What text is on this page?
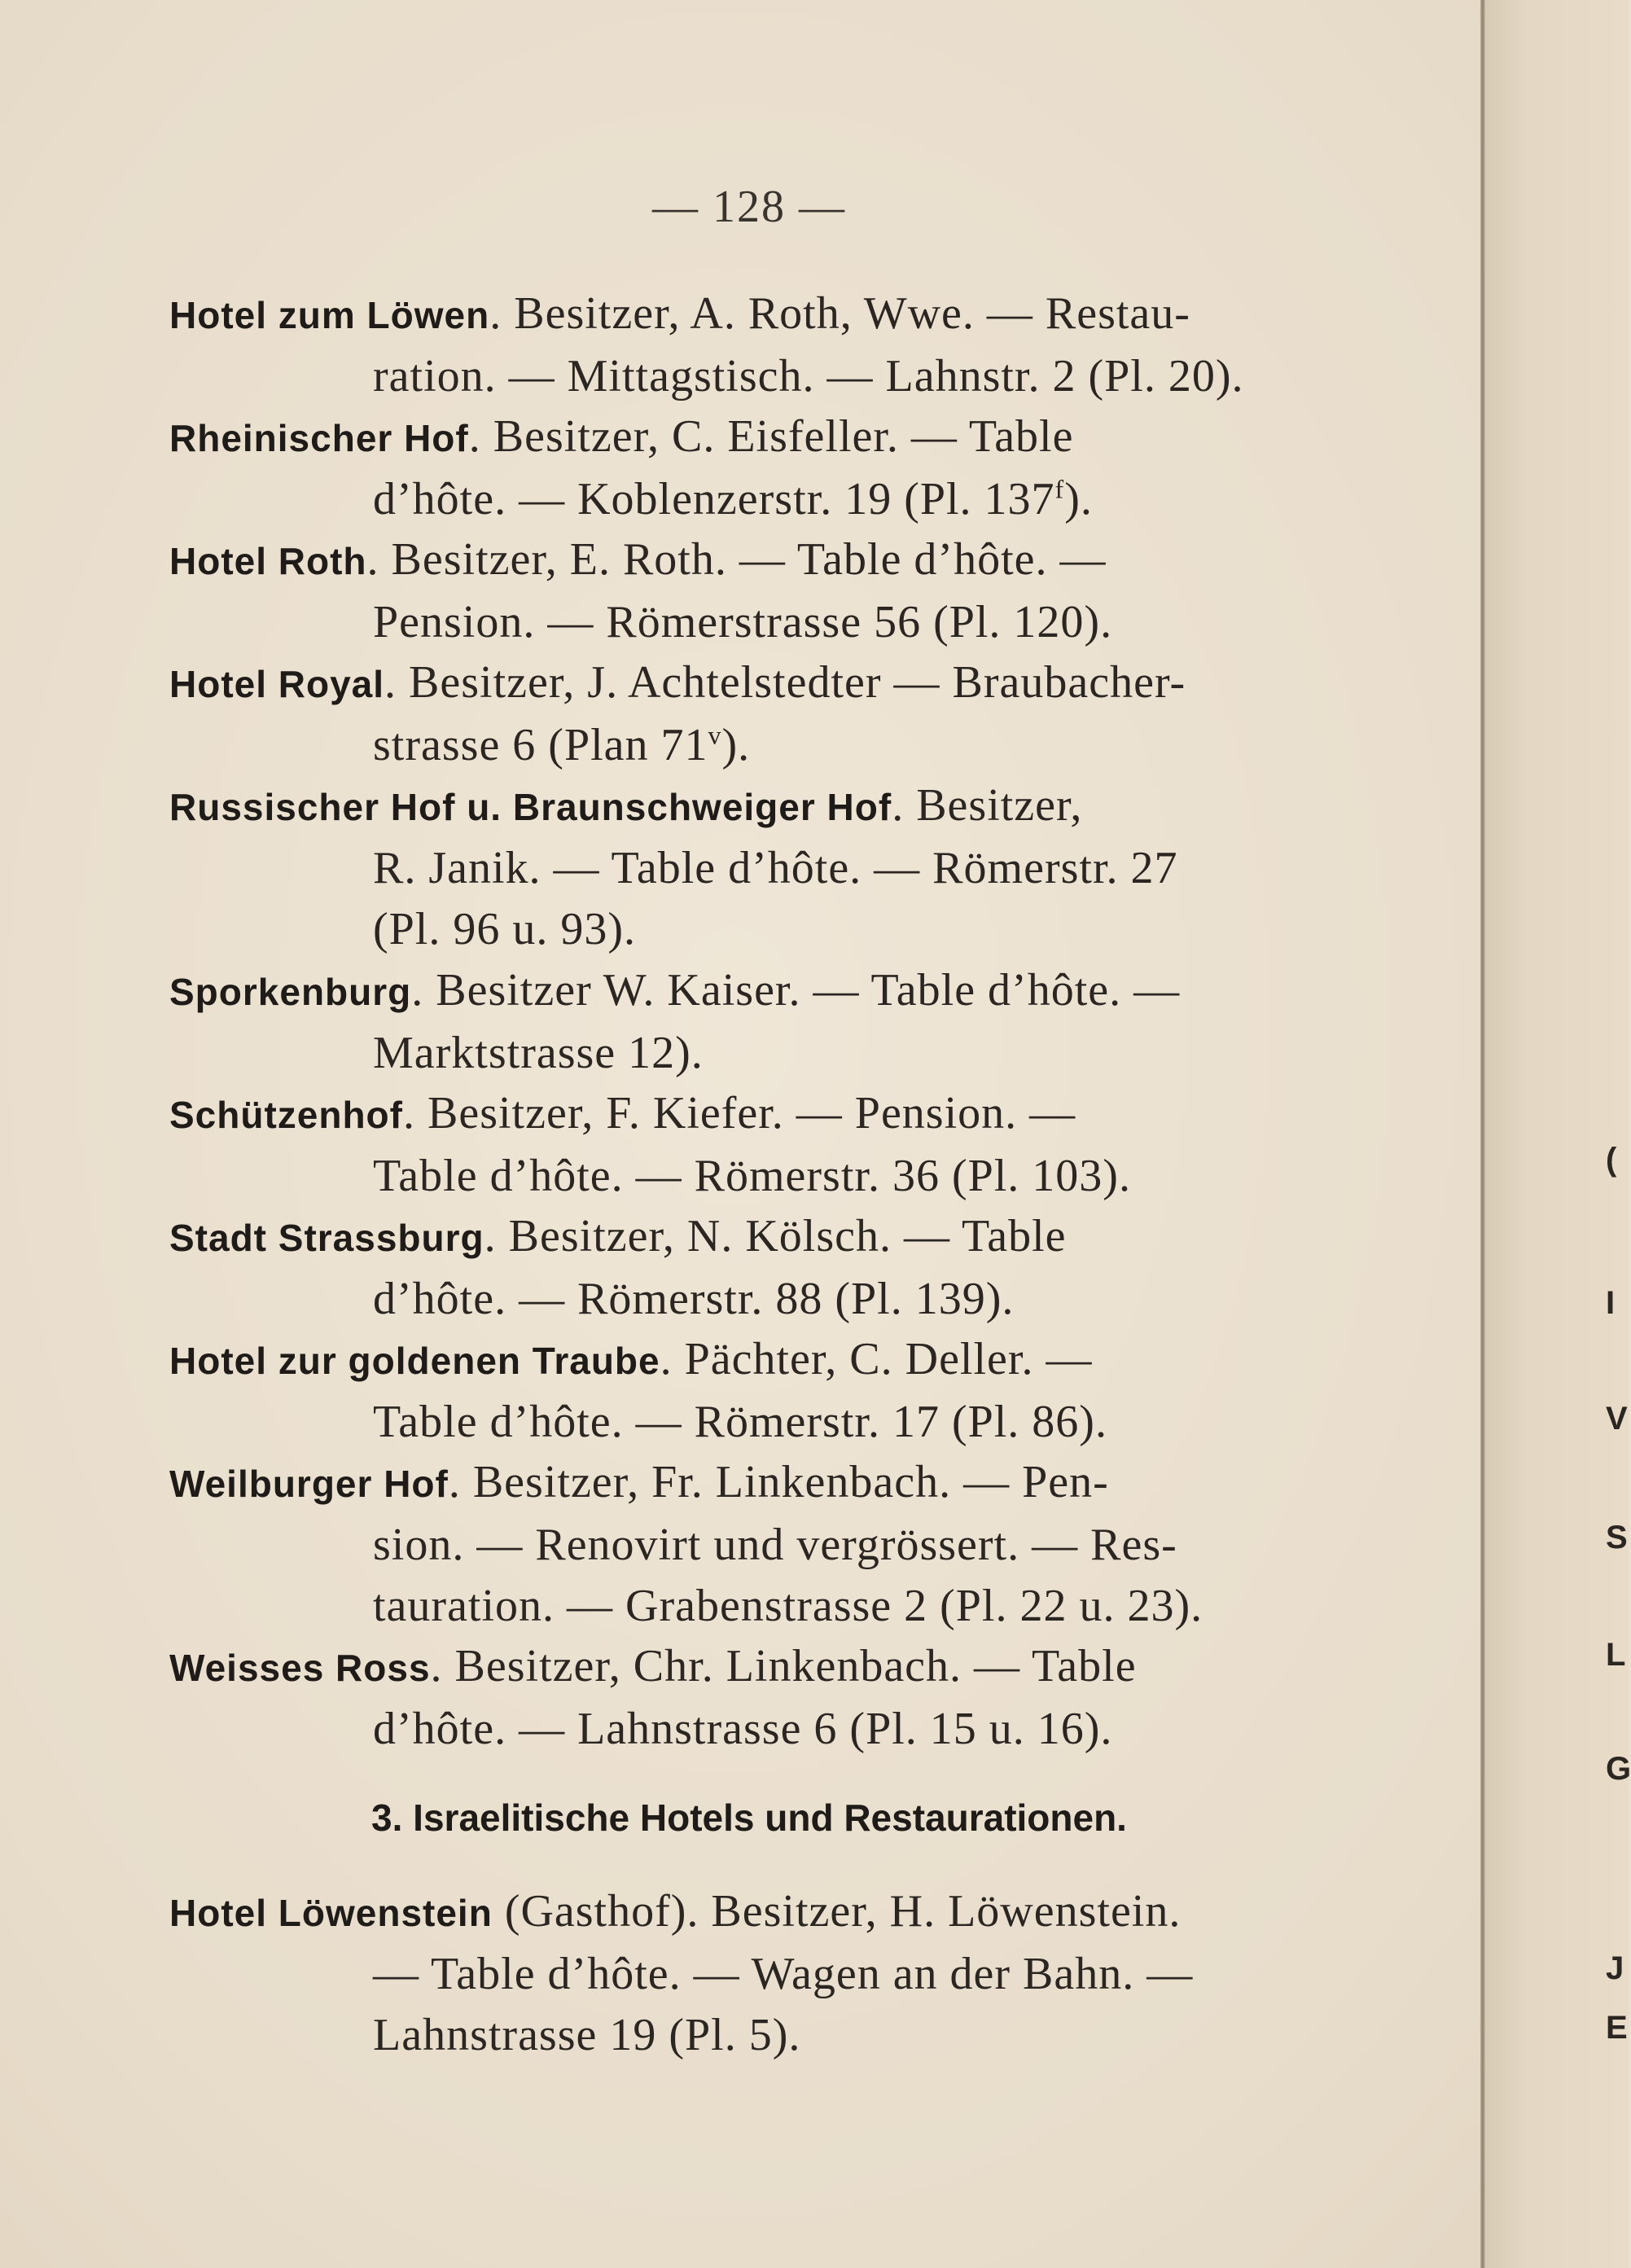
— 128 —
Hotel zum Löwen. Besitzer, A. Roth, Wwe. — Restau-
ration. — Mittagstisch. — Lahnstr. 2 (Pl. 20).
Rheinischer Hof. Besitzer, C. Eisfeller. — Table
d’hôte. — Koblenzerstr. 19 (Pl. 137$^f$).
Hotel Roth. Besitzer, E. Roth. — Table d’hôte. —
Pension. — Römerstrasse 56 (Pl. 120).
Hotel Royal. Besitzer, J. Achtelstedter — Braubacher-
strasse 6 (Plan 71$^v$).
Russischer Hof u. Braunschweiger Hof. Besitzer,
R. Janik. — Table d’hôte. — Römerstr. 27
(Pl. 96 u. 93).
Sporkenburg. Besitzer W. Kaiser. — Table d’hôte. —
Marktstrasse 12).
Schützenhof. Besitzer, F. Kiefer. — Pension. —
Table d’hôte. — Römerstr. 36 (Pl. 103).
Stadt Strassburg. Besitzer, N. Kölsch. — Table
d’hôte. — Römerstr. 88 (Pl. 139).
Hotel zur goldenen Traube. Pächter, C. Deller. —
Table d’hôte. — Römerstr. 17 (Pl. 86).
Weilburger Hof. Besitzer, Fr. Linkenbach. — Pen-
sion. — Renovirt und vergrössert. — Res-
tauration. — Grabenstrasse 2 (Pl. 22 u. 23).
Weisses Ross. Besitzer, Chr. Linkenbach. — Table
d’hôte. — Lahnstrasse 6 (Pl. 15 u. 16).
3. Israelitische Hotels und Restaurationen.
Hotel Löwenstein (Gasthof). Besitzer, H. Löwenstein.
— Table d’hôte. — Wagen an der Bahn. —
Lahnstrasse 19 (Pl. 5).
(
I
V
S
L
G
J
E
